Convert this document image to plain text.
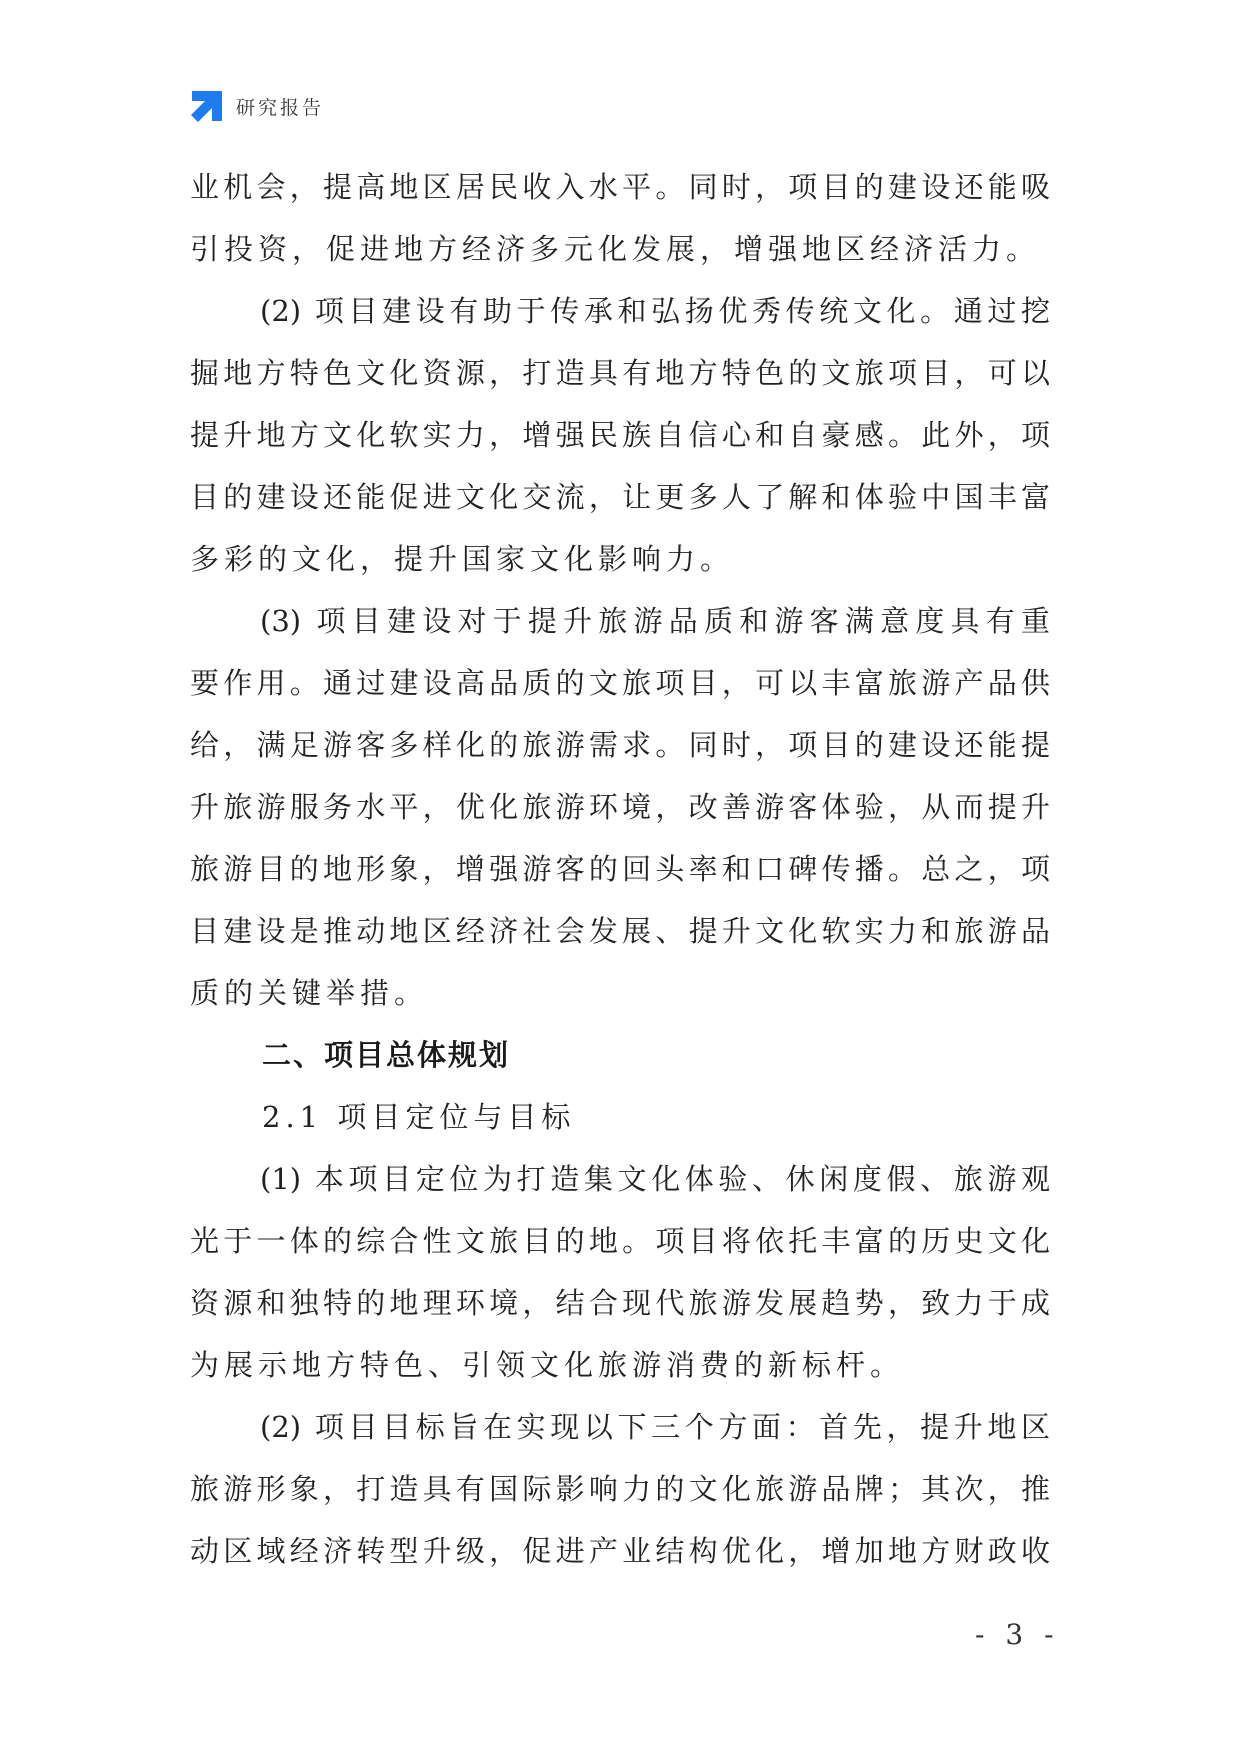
研究报告
业机会，提高地区居民收入水平。同时，项目的建设还能吸
引投资，促进地方经济多元化发展，增强地区经济活力。
(2) 项目建设有助于传承和弘扬优秀传统文化。通过挖
掘地方特色文化资源，打造具有地方特色的文旅项目，可以
提升地方文化软实力，增强民族自信心和自豪感。此外，项
目的建设还能促进文化交流，让更多人了解和体验中国丰富
多彩的文化，提升国家文化影响力。
(3) 项目建设对于提升旅游品质和游客满意度具有重
要作用。通过建设高品质的文旅项目，可以丰富旅游产品供
给，满足游客多样化的旅游需求。同时，项目的建设还能提
升旅游服务水平，优化旅游环境，改善游客体验，从而提升
旅游目的地形象，增强游客的回头率和口碑传播。总之，项
目建设是推动地区经济社会发展、提升文化软实力和旅游品
质的关键举措。
二、项目总体规划
2.1 项目定位与目标
(1) 本项目定位为打造集文化体验、休闲度假、旅游观
光于一体的综合性文旅目的地。项目将依托丰富的历史文化
资源和独特的地理环境，结合现代旅游发展趋势，致力于成
为展示地方特色、引领文化旅游消费的新标杆。
(2) 项目目标旨在实现以下三个方面：首先，提升地区
旅游形象，打造具有国际影响力的文化旅游品牌；其次，推
动区域经济转型升级，促进产业结构优化，增加地方财政收
- 3 -
